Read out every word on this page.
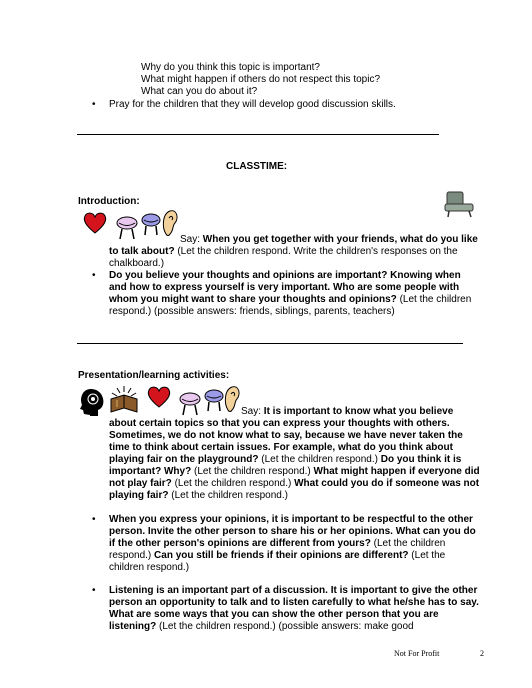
Why do you think this topic is important?
What might happen if others do not respect this topic?
What can you do about it?
• Pray for the children that they will develop good discussion skills.
CLASSTIME:
Introduction:
Say: When you get together with your friends, what do you like to talk about? (Let the children respond. Write the children's responses on the chalkboard.)
• Do you believe your thoughts and opinions are important? Knowing when and how to express yourself is very important. Who are some people with whom you might want to share your thoughts and opinions? (Let the children respond.) (possible answers: friends, siblings, parents, teachers)
Presentation/learning activities:
Say: It is important to know what you believe about certain topics so that you can express your thoughts with others. Sometimes, we do not know what to say, because we have never taken the time to think about certain issues. For example, what do you think about playing fair on the playground? (Let the children respond.) Do you think it is important? Why? (Let the children respond.) What might happen if everyone did not play fair? (Let the children respond.) What could you do if someone was not playing fair? (Let the children respond.)
• When you express your opinions, it is important to be respectful to the other person. Invite the other person to share his or her opinions. What can you do if the other person's opinions are different from yours? (Let the children respond.) Can you still be friends if their opinions are different? (Let the children respond.)
• Listening is an important part of a discussion. It is important to give the other person an opportunity to talk and to listen carefully to what he/she has to say. What are some ways that you can show the other person that you are listening? (Let the children respond.) (possible answers: make good
Not For Profit	2
